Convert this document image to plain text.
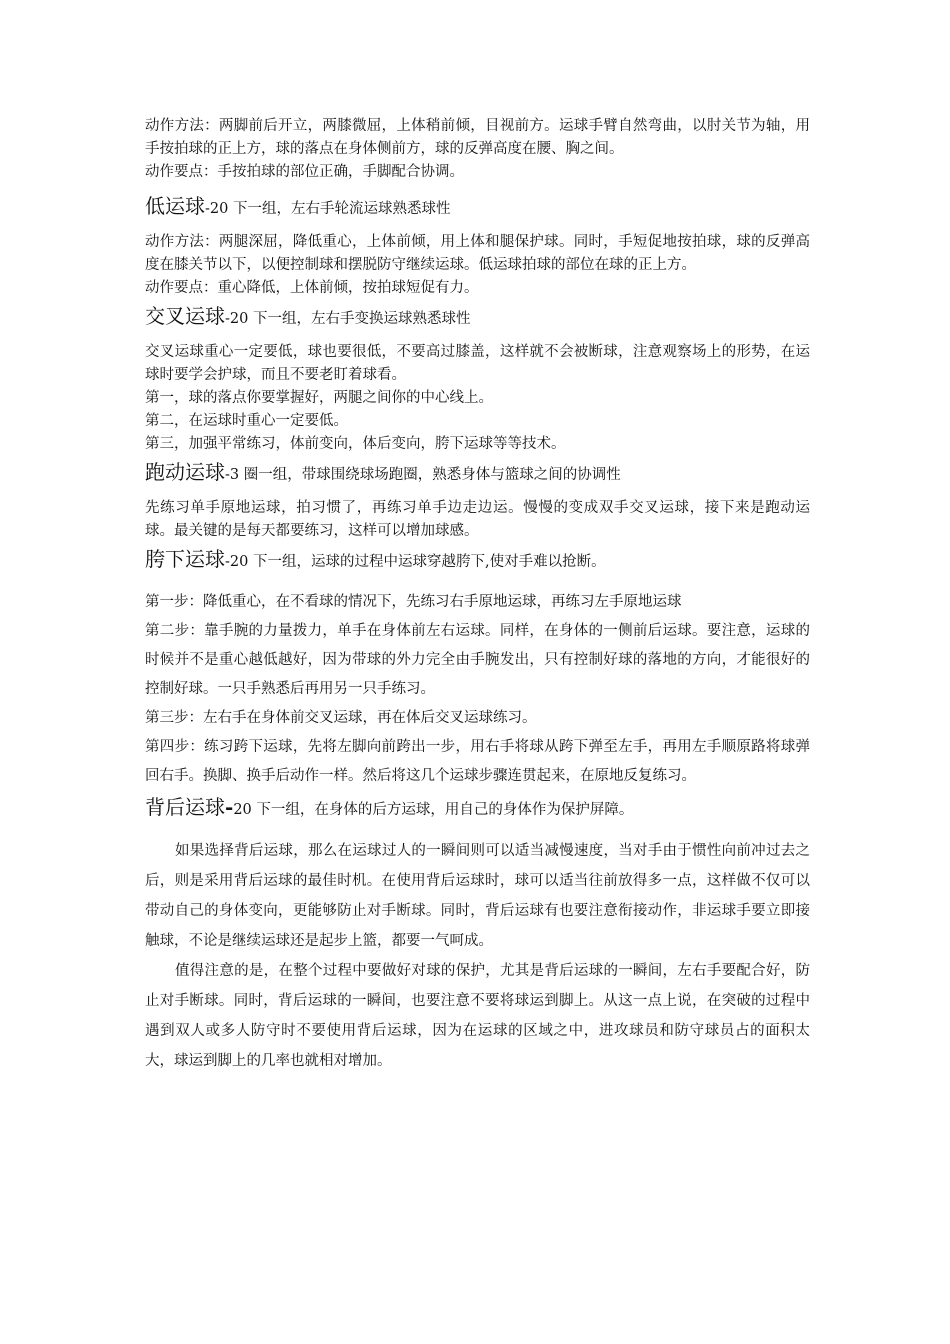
动作方法：两脚前后开立，两膝微屈，上体稍前倾，目视前方。运球手臂自然弯曲，以肘关节为轴，用手按拍球的正上方，球的落点在身体侧前方，球的反弹高度在腰、胸之间。

动作要点：手按拍球的部位正确，手脚配合协调。

低运球-20 下一组，左右手轮流运球熟悉球性

动作方法：两腿深屈，降低重心，上体前倾，用上体和腿保护球。同时，手短促地按拍球，球的反弹高度在膝关节以下，以便控制球和摆脱防守继续运球。低运球拍球的部位在球的正上方。

动作要点：重心降低，上体前倾，按拍球短促有力。

交叉运球-20 下一组，左右手变换运球熟悉球性

交叉运球重心一定要低，球也要很低，不要高过膝盖，这样就不会被断球，注意观察场上的形势，在运球时要学会护球，而且不要老盯着球看。

第一，球的落点你要掌握好，两腿之间你的中心线上。

第二，在运球时重心一定要低。

第三，加强平常练习，体前变向，体后变向，胯下运球等等技术。

跑动运球-3 圈一组，带球围绕球场跑圈，熟悉身体与篮球之间的协调性

先练习单手原地运球，拍习惯了，再练习单手边走边运。慢慢的变成双手交叉运球，接下来是跑动运球。最关键的是每天都要练习，这样可以增加球感。

胯下运球-20 下一组，运球的过程中运球穿越胯下,使对手难以抢断。

第一步：降低重心，在不看球的情况下，先练习右手原地运球，再练习左手原地运球

第二步：靠手腕的力量拨力，单手在身体前左右运球。同样，在身体的一侧前后运球。要注意，运球的时候并不是重心越低越好，因为带球的外力完全由手腕发出，只有控制好球的落地的方向，才能很好的控制好球。一只手熟悉后再用另一只手练习。

第三步：左右手在身体前交叉运球，再在体后交叉运球练习。

第四步：练习跨下运球，先将左脚向前跨出一步，用右手将球从跨下弹至左手，再用左手顺原路将球弹回右手。换脚、换手后动作一样。然后将这几个运球步骤连贯起来，在原地反复练习。

背后运球-20 下一组，在身体的后方运球，用自己的身体作为保护屏障。

如果选择背后运球，那么在运球过人的一瞬间则可以适当减慢速度，当对手由于惯性向前冲过去之后，则是采用背后运球的最佳时机。在使用背后运球时，球可以适当往前放得多一点，这样做不仅可以带动自己的身体变向，更能够防止对手断球。同时，背后运球有也要注意衔接动作，非运球手要立即接触球，不论是继续运球还是起步上篮，都要一气呵成。

值得注意的是，在整个过程中要做好对球的保护，尤其是背后运球的一瞬间，左右手要配合好，防止对手断球。同时，背后运球的一瞬间，也要注意不要将球运到脚上。从这一点上说，在突破的过程中遇到双人或多人防守时不要使用背后运球，因为在运球的区域之中，进攻球员和防守球员占的面积太大，球运到脚上的几率也就相对增加。
